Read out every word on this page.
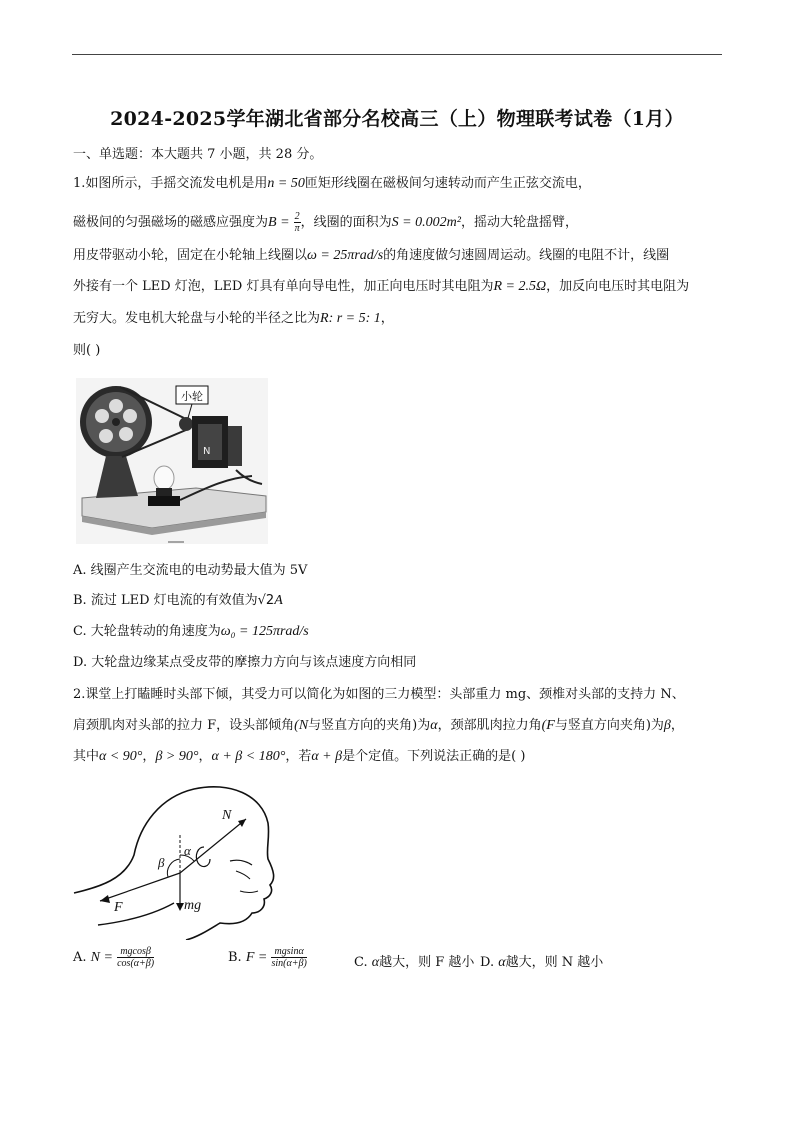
2024-2025学年湖北省部分名校高三（上）物理联考试卷（1月）
一、单选题：本大题共 7 小题，共 28 分。
1.如图所示，手摇交流发电机是用n = 50匝矩形线圈在磁极间匀速转动而产生正弦交流电，
磁极间的匀强磁场的磁感应强度为$B = \frac{2}{\pi}$ ，线圈的面积为S = 0.002m²，摇动大轮盘摇臂，
用皮带驱动小轮，固定在小轮轴上线圈以ω = 25πrad/s的角速度做匀速圆周运动。线圈的电阻不计，线圈
外接有一个 LED 灯泡，LED 灯具有单向导电性，加正向电压时其电阻为R = 2.5Ω，加反向电压时其电阻为
无穷大。发电机大轮盘与小轮的半径之比为R: r = 5: 1，
则( )
N
小轮
A. 线圈产生交流电的电动势最大值为 5V
B. 流过 LED 灯电流的有效值为√2A
C. 大轮盘转动的角速度为ω₀ = 125πrad/s
D. 大轮盘边缘某点受皮带的摩擦力方向与该点速度方向相同
2.课堂上打瞌睡时头部下倾，其受力可以简化为如图的三力模型：头部重力 mg、颈椎对头部的支持力 N、
肩颈肌肉对头部的拉力 F，设头部倾角(N与竖直方向的夹角)为α，颈部肌肉拉力角(F与竖直方向夹角)为β，
其中α < 90°，β > 90°，α + β < 180°，若α + β是个定值。下列说法正确的是( )
N
α
β
F	mg
A. $N = \frac{mgcos\beta}{\cos(\alpha+\beta)}$	B. $F = \frac{mgsin\alpha}{\sin(\alpha+\beta)}$	C. α越大，则 F 越小 D. α越大，则 N 越小
